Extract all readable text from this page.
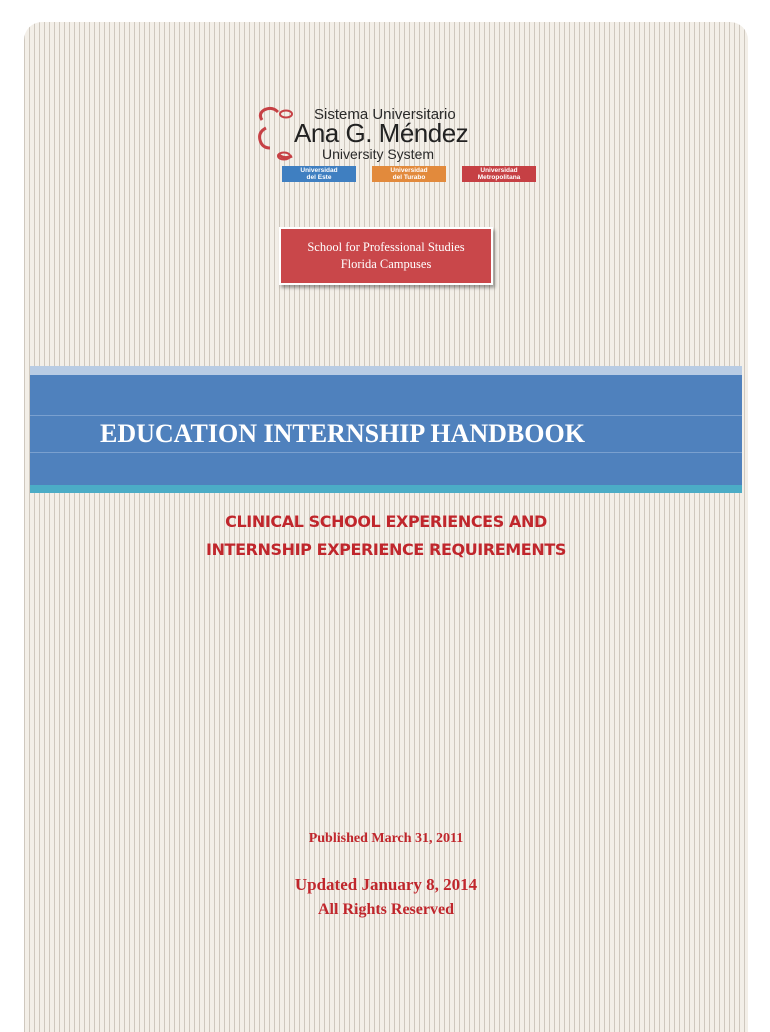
Sistema Universitario
Ana G. Méndez
University System
Universidad
del Este
Universidad
del Turabo
Universidad
Metropolitana
School for Professional Studies
Florida Campuses
EDUCATION INTERNSHIP HANDBOOK
CLINICAL SCHOOL EXPERIENCES AND
INTERNSHIP EXPERIENCE REQUIREMENTS
Published March 31, 2011
Updated January 8, 2014
All Rights Reserved
